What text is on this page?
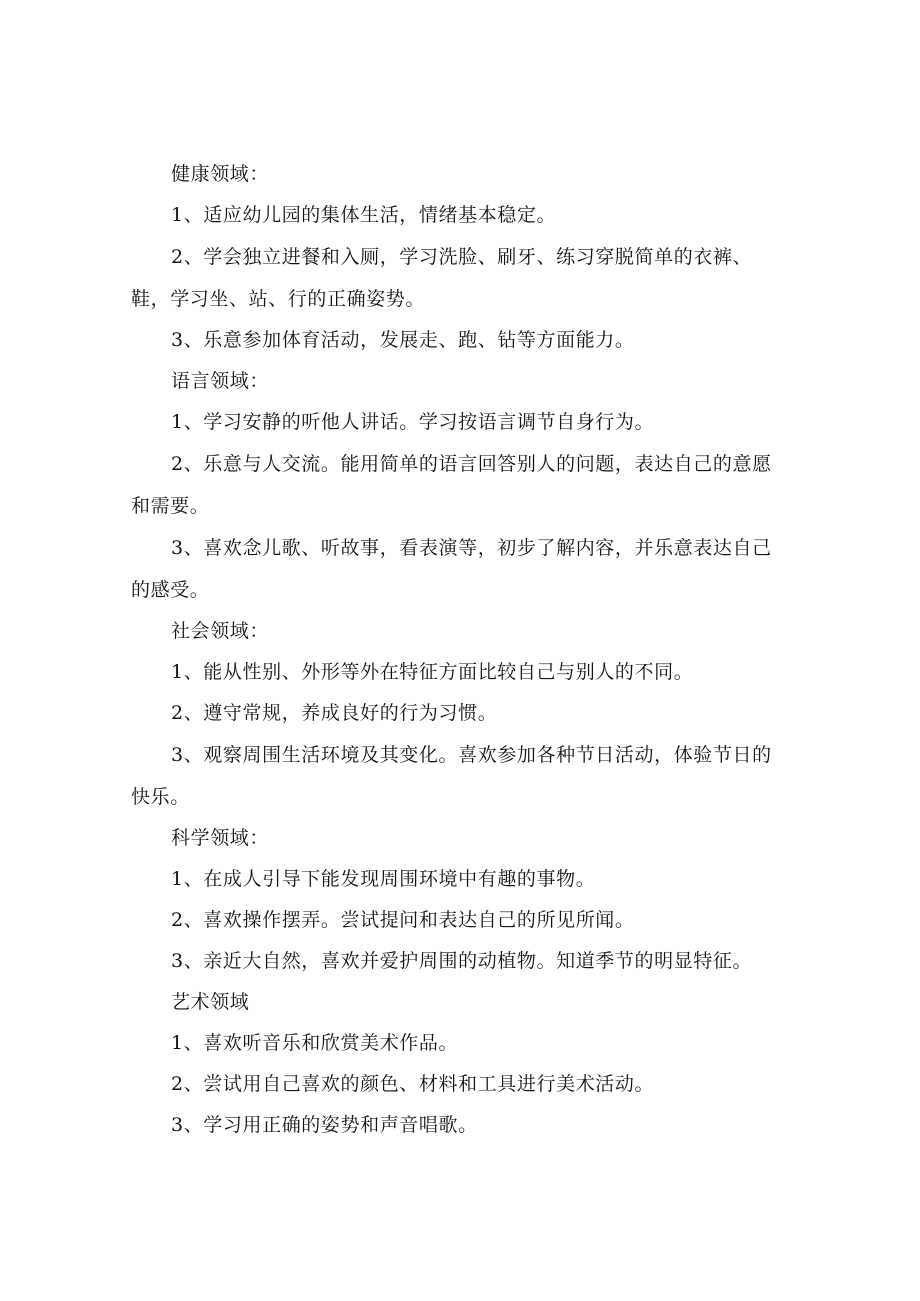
健康领域：

1、适应幼儿园的集体生活，情绪基本稳定。

2、学会独立进餐和入厕，学习洗脸、刷牙、练习穿脱简单的衣裤、鞋，学习坐、站、行的正确姿势。

3、乐意参加体育活动，发展走、跑、钻等方面能力。

语言领域：

1、学习安静的听他人讲话。学习按语言调节自身行为。

2、乐意与人交流。能用简单的语言回答别人的问题，表达自己的意愿和需要。

3、喜欢念儿歌、听故事，看表演等，初步了解内容，并乐意表达自己的感受。

社会领域：

1、能从性别、外形等外在特征方面比较自己与别人的不同。

2、遵守常规，养成良好的行为习惯。

3、观察周围生活环境及其变化。喜欢参加各种节日活动，体验节日的快乐。

科学领域：

1、在成人引导下能发现周围环境中有趣的事物。

2、喜欢操作摆弄。尝试提问和表达自己的所见所闻。

3、亲近大自然，喜欢并爱护周围的动植物。知道季节的明显特征。

艺术领域

1、喜欢听音乐和欣赏美术作品。

2、尝试用自己喜欢的颜色、材料和工具进行美术活动。

3、学习用正确的姿势和声音唱歌。
